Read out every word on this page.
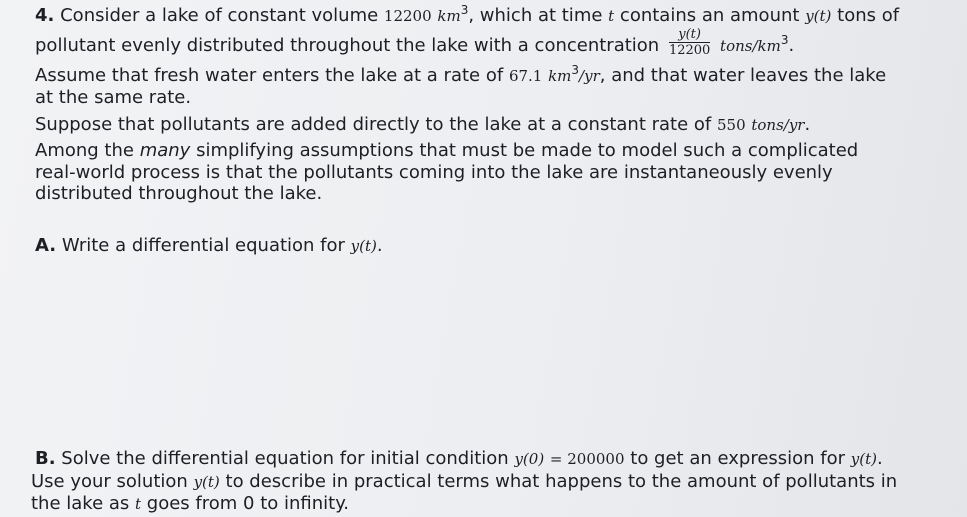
4. Consider a lake of constant volume 12200 $km^3$, which at time t contains an amount y(t) tons of
pollutant evenly distributed throughout the lake with a concentration $\frac{y(t)}{12200}$ tons/$km^3$.
Assume that fresh water enters the lake at a rate of 67.1 $km^3/yr$, and that water leaves the lake
at the same rate.
Suppose that pollutants are added directly to the lake at a constant rate of 550 tons/yr.
Among the many simplifying assumptions that must be made to model such a complicated
real-world process is that the pollutants coming into the lake are instantaneously evenly
distributed throughout the lake.
A. Write a differential equation for y(t).
B. Solve the differential equation for initial condition y(0) = 200000 to get an expression for y(t).
Use your solution y(t) to describe in practical terms what happens to the amount of pollutants in
the lake as t goes from 0 to infinity.
